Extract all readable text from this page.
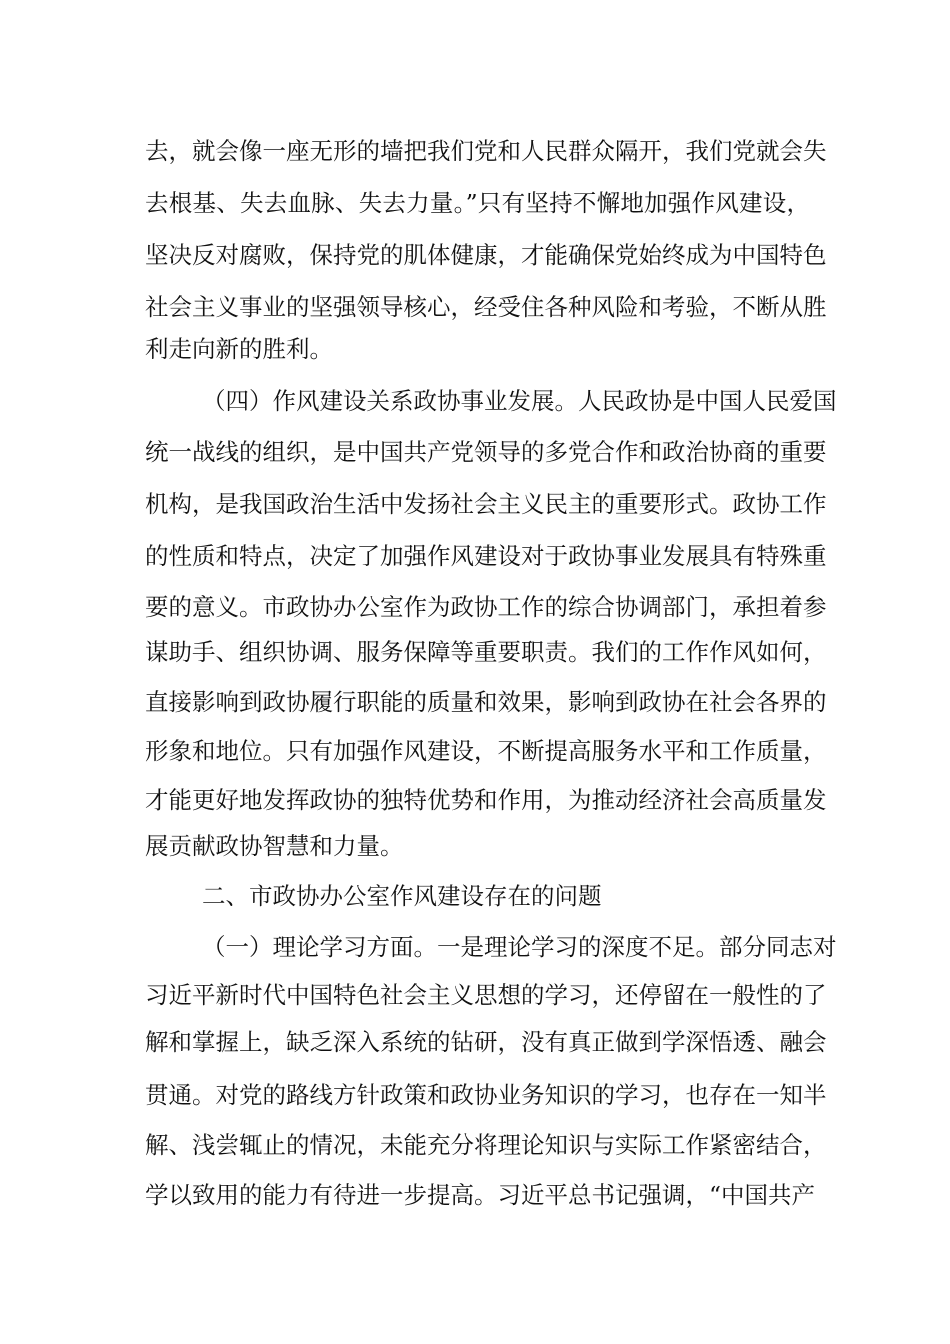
去，就会像一座无形的墙把我们党和人民群众隔开，我们党就会失
去根基、失去血脉、失去力量。”只有坚持不懈地加强作风建设，
坚决反对腐败，保持党的肌体健康，才能确保党始终成为中国特色
社会主义事业的坚强领导核心，经受住各种风险和考验，不断从胜
利走向新的胜利。
（四）作风建设关系政协事业发展。人民政协是中国人民爱国
统一战线的组织，是中国共产党领导的多党合作和政治协商的重要
机构，是我国政治生活中发扬社会主义民主的重要形式。政协工作
的性质和特点，决定了加强作风建设对于政协事业发展具有特殊重
要的意义。市政协办公室作为政协工作的综合协调部门，承担着参
谋助手、组织协调、服务保障等重要职责。我们的工作作风如何，
直接影响到政协履行职能的质量和效果，影响到政协在社会各界的
形象和地位。只有加强作风建设，不断提高服务水平和工作质量，
才能更好地发挥政协的独特优势和作用，为推动经济社会高质量发
展贡献政协智慧和力量。
二、市政协办公室作风建设存在的问题
（一）理论学习方面。一是理论学习的深度不足。部分同志对
习近平新时代中国特色社会主义思想的学习，还停留在一般性的了
解和掌握上，缺乏深入系统的钻研，没有真正做到学深悟透、融会
贯通。对党的路线方针政策和政协业务知识的学习，也存在一知半
解、浅尝辄止的情况，未能充分将理论知识与实际工作紧密结合，
学以致用的能力有待进一步提高。习近平总书记强调，“中国共产
